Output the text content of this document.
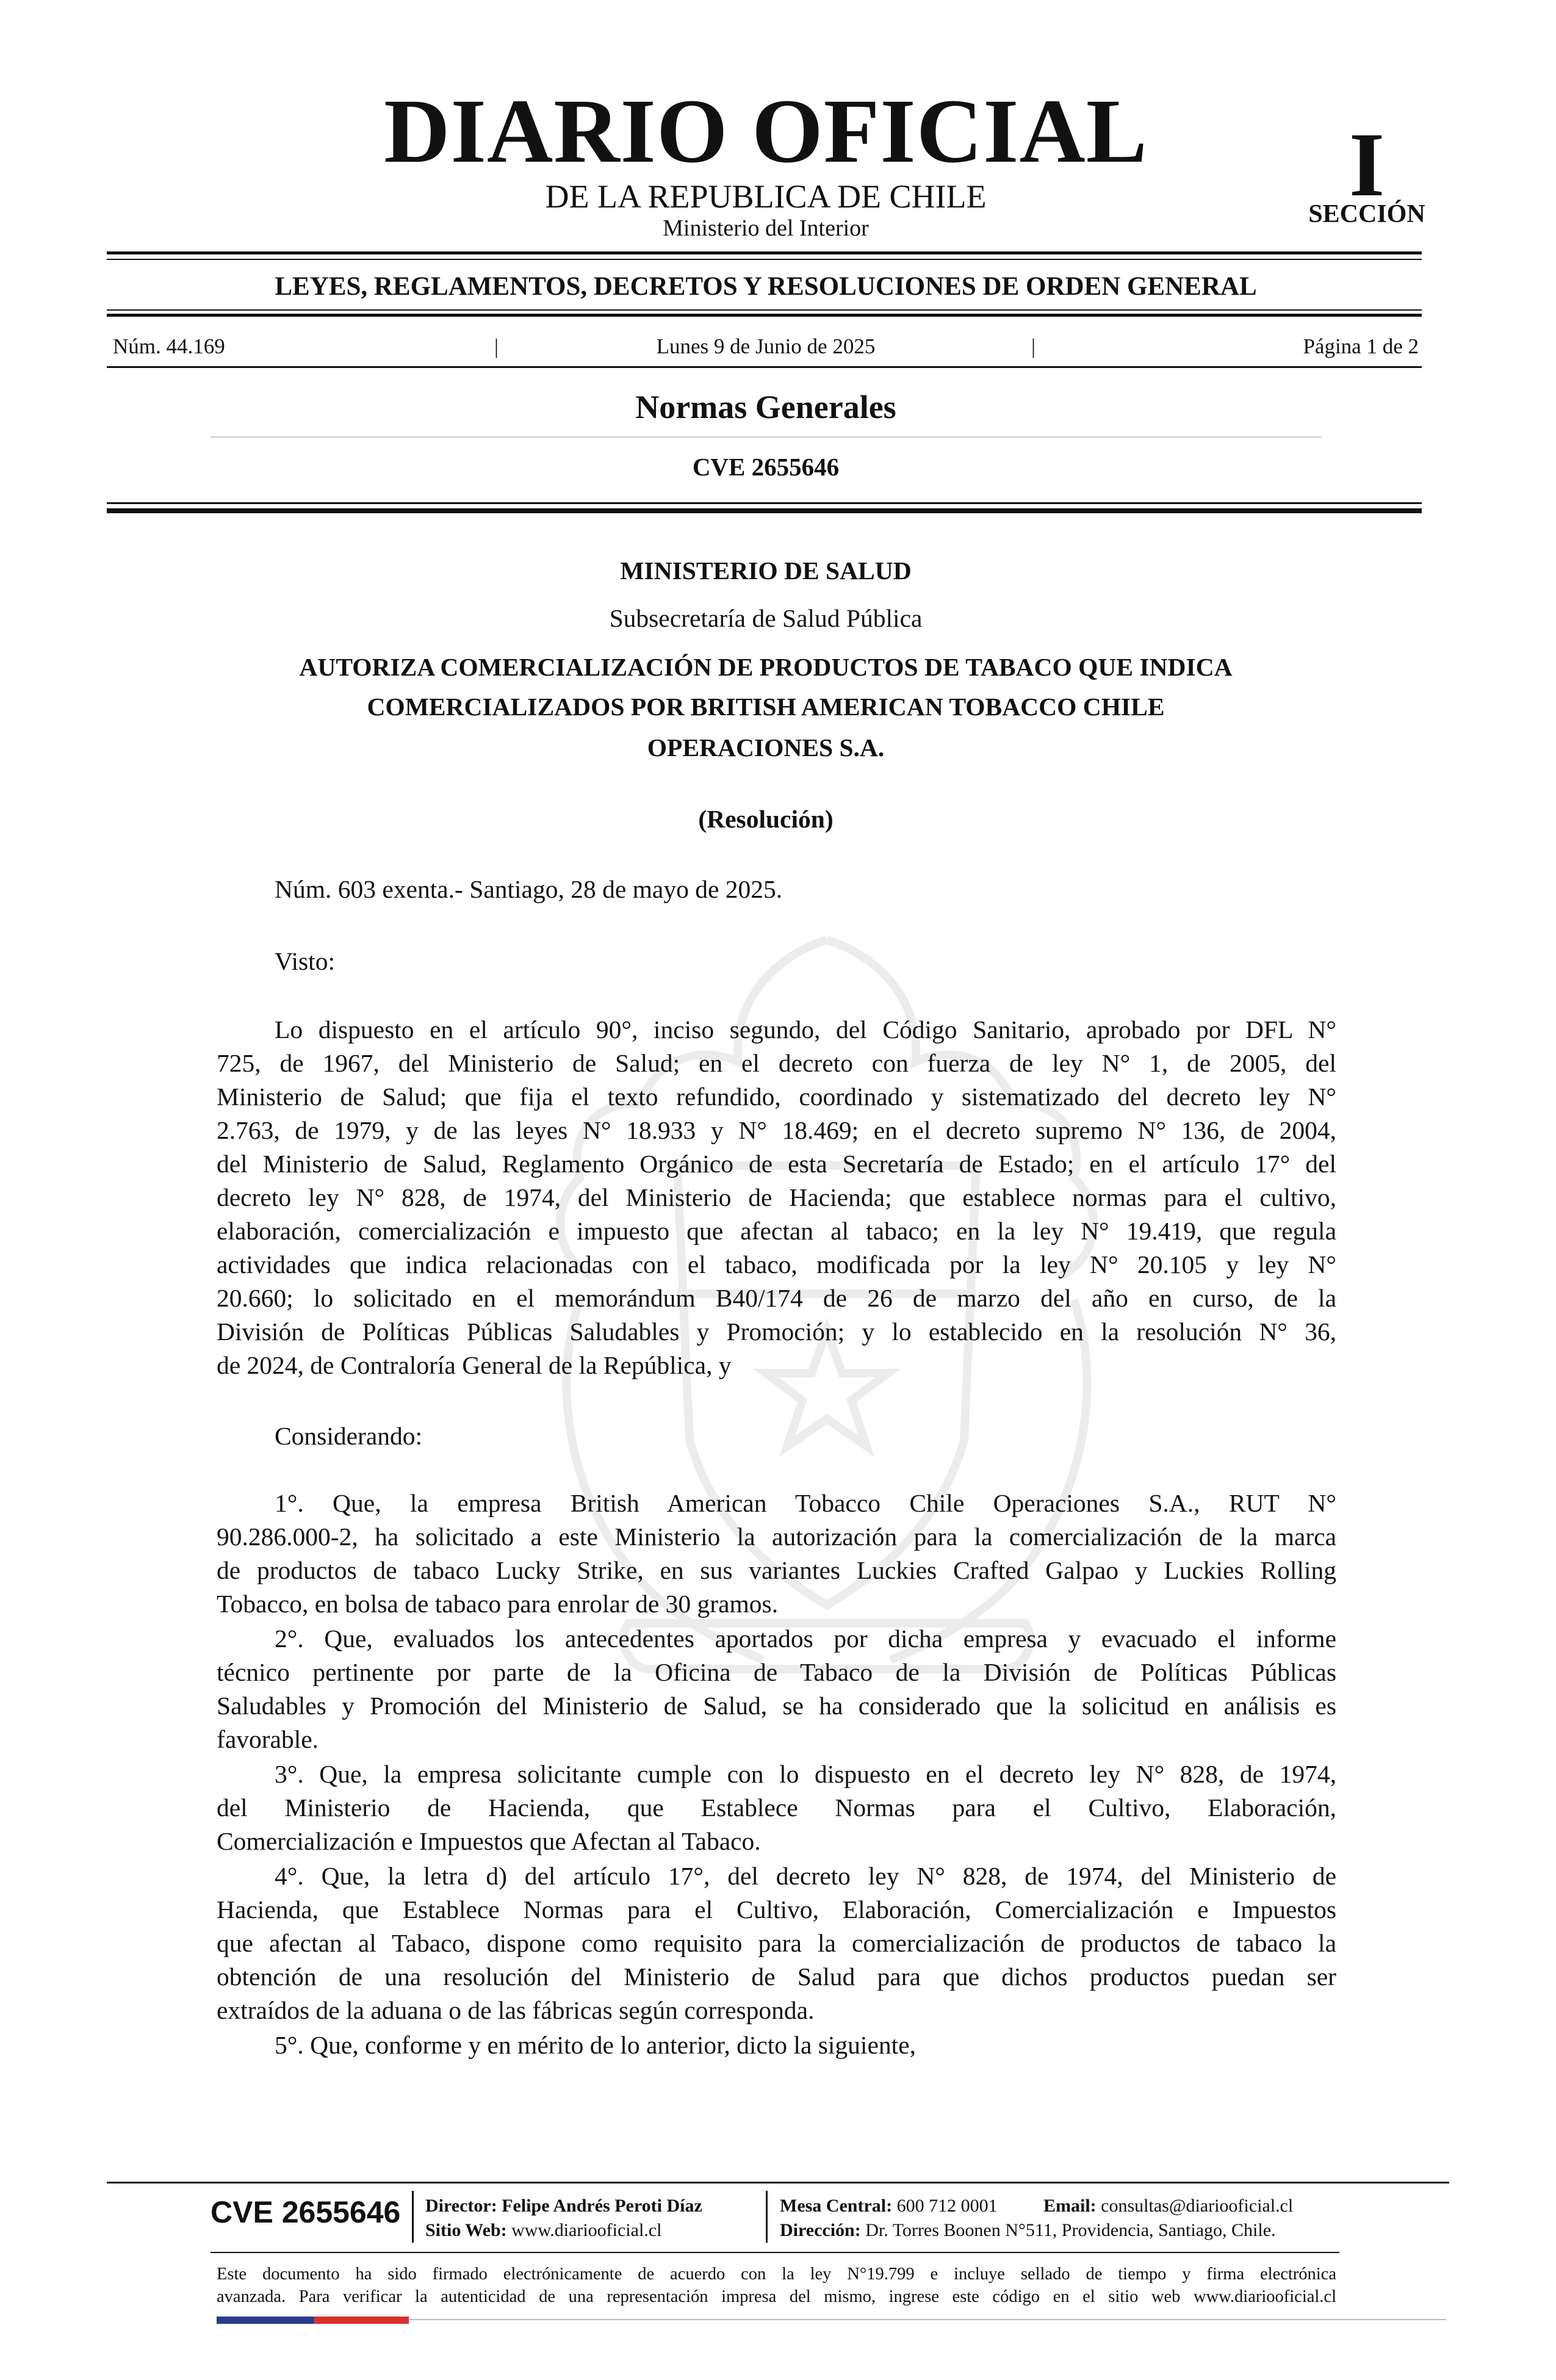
DIARIO OFICIAL
DE LA REPUBLICA DE CHILE
Ministerio del Interior
I
SECCIÓN
LEYES, REGLAMENTOS, DECRETOS Y RESOLUCIONES DE ORDEN GENERAL
Núm. 44.169	|	Lunes 9 de Junio de 2025	|	Página 1 de 2
Normas Generales
CVE 2655646
MINISTERIO DE SALUD
Subsecretaría de Salud Pública
AUTORIZA COMERCIALIZACIÓN DE PRODUCTOS DE TABACO QUE INDICA
COMERCIALIZADOS POR BRITISH AMERICAN TOBACCO CHILE
OPERACIONES S.A.
(Resolución)
Núm. 603 exenta.- Santiago, 28 de mayo de 2025.
Visto:
Lo dispuesto en el artículo 90°, inciso segundo, del Código Sanitario, aprobado por DFL N°
725, de 1967, del Ministerio de Salud; en el decreto con fuerza de ley N° 1, de 2005, del
Ministerio de Salud; que fija el texto refundido, coordinado y sistematizado del decreto ley N°
2.763, de 1979, y de las leyes N° 18.933 y N° 18.469; en el decreto supremo N° 136, de 2004,
del Ministerio de Salud, Reglamento Orgánico de esta Secretaría de Estado; en el artículo 17° del
decreto ley N° 828, de 1974, del Ministerio de Hacienda; que establece normas para el cultivo,
elaboración, comercialización e impuesto que afectan al tabaco; en la ley N° 19.419, que regula
actividades que indica relacionadas con el tabaco, modificada por la ley N° 20.105 y ley N°
20.660; lo solicitado en el memorándum B40/174 de 26 de marzo del año en curso, de la
División de Políticas Públicas Saludables y Promoción; y lo establecido en la resolución N° 36,
de 2024, de Contraloría General de la República, y
Considerando:
1°. Que, la empresa British American Tobacco Chile Operaciones S.A., RUT N°
90.286.000-2, ha solicitado a este Ministerio la autorización para la comercialización de la marca
de productos de tabaco Lucky Strike, en sus variantes Luckies Crafted Galpao y Luckies Rolling
Tobacco, en bolsa de tabaco para enrolar de 30 gramos.
2°. Que, evaluados los antecedentes aportados por dicha empresa y evacuado el informe
técnico pertinente por parte de la Oficina de Tabaco de la División de Políticas Públicas
Saludables y Promoción del Ministerio de Salud, se ha considerado que la solicitud en análisis es
favorable.
3°. Que, la empresa solicitante cumple con lo dispuesto en el decreto ley N° 828, de 1974,
del Ministerio de Hacienda, que Establece Normas para el Cultivo, Elaboración,
Comercialización e Impuestos que Afectan al Tabaco.
4°. Que, la letra d) del artículo 17°, del decreto ley N° 828, de 1974, del Ministerio de
Hacienda, que Establece Normas para el Cultivo, Elaboración, Comercialización e Impuestos
que afectan al Tabaco, dispone como requisito para la comercialización de productos de tabaco la
obtención de una resolución del Ministerio de Salud para que dichos productos puedan ser
extraídos de la aduana o de las fábricas según corresponda.
5°. Que, conforme y en mérito de lo anterior, dicto la siguiente,
CVE 2655646 Director: Felipe Andrés Peroti Díaz
Sitio Web: www.diariooficial.cl
Mesa Central: 600 712 0001	Email: consultas@diariooficial.cl
Dirección: Dr. Torres Boonen N°511, Providencia, Santiago, Chile.
Este documento ha sido firmado electrónicamente de acuerdo con la ley N°19.799 e incluye sellado de tiempo y firma electrónica
avanzada. Para verificar la autenticidad de una representación impresa del mismo, ingrese este código en el sitio web www.diariooficial.cl
